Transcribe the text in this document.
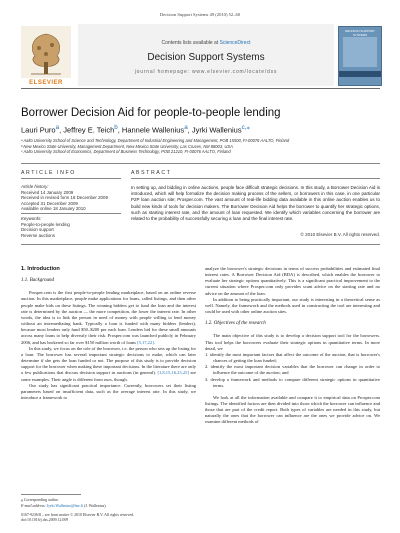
Decision Support Systems 49 (2010) 52–60
ELSEVIER
Contents lists available at ScienceDirect
Decision Support Systems
journal homepage: www.elsevier.com/locate/dss
DECISION SUPPORT SYSTEMS
Borrower Decision Aid for people-to-people lending
Lauri Puro$^a$, Jeffrey E. Teich$^b$, Hannele Wallenius$^a$, Jyrki Wallenius$^{c,⁎}$
ᵃ Aalto University School of Science and Technology, Department of Industrial Engineering and Management, POB 15500, FI-00076 AALTO, Finland
ᵇ New Mexico State University, Management Department, New Mexico State University, Las Cruces, NM 88003, USA
ᶜ Aalto University School of Economics, Department of Business Technology, POB 21210, FI-00076 AALTO, Finland
ARTICLE INFO	ABSTRACT
Article history:
Received 14 January 2009
Received in revised form 18 December 2009
Accepted 31 December 2009
Available online 18 January 2010
Keywords:
People-to-people lending
Decision support
Reverse auctions
In setting up, and bidding in online auctions, people face difficult strategic decisions. In this study, a Borrower Decision Aid is introduced, which will help formalize the decision making process of the sellers, or borrowers in this case, in one particular P2P loan auction site; Prosper.com. The vast amount of real-life bidding data available in this online auction enables us to build new kinds of tools for decision makers. The Borrower Decision Aid helps the borrower to quantify her strategic options, such as starting interest rate, and the amount of loan requested. We identify which variables concerning the borrower are related to the probability of successfully securing a loan and the final interest rate.
© 2010 Elsevier B.V. All rights reserved.
1. Introduction
1.1. Background

Prosper.com is the first people-to-people lending marketplace, based on an online reverse auction. In this marketplace, people make applications for loans, called listings, and then other people make bids on these listings. The winning bidders get to fund the loan and the interest rate is determined by the auction — the more competition, the lower the interest rate. In other words, the idea is to link the person in need of money with people willing to lend money without an intermediating bank. Typically a loan is funded with many bidders (lenders), because most lenders only fund $50–$200 per each loan. Lenders bid for these small amounts across many loans to help diversify their risk. Prosper.com was launched publicly in February 2006, and has brokered so far over $150 million worth of loans [5,17,22].

In this study, we focus on the role of the borrower, i.e. the person who sets up the listing for a loan. The borrower has several important strategic decisions to make, which can later determine if she gets the loan funded or not. The purpose of this study is to provide decision support for the borrower when making these important decisions. In the literature there are only a few publications that discuss decision support in auctions (in general). [1,8,15,16,23,25] are some examples. Their angle is different from ours, though.

Our study has significant practical importance. Currently, borrowers set their listing parameters based on insufficient data, such as the average interest rate. In this study, we introduce a framework to

analyze the borrower's strategic decisions in terms of success probabilities and estimated final interest rates. A Borrower Decision Aid (BDA) is described, which enables the borrower to evaluate her strategic options quantitatively. This is a significant practical improvement to the current situation where Prosper.com only provides scant advice on the starting rate and no advice on the amount of the loan.

In addition to being practically important, our study is interesting in a theoretical sense as well. Namely, the framework and the methods used in constructing the tool are interesting and could be used with other online auction sites.

1.2. Objectives of the research

The main objective of this study is to develop a decision support tool for the borrowers. This tool helps the borrowers evaluate their strategic options in quantitative terms. In more detail, we

1. identify the most important factors that affect the outcome of the auction, that is borrower's chances of getting the loan funded;
2. identify the most important decision variables that the borrower can change in order to influence the outcome of the auction; and
3. develop a framework and methods to compare different strategic options in quantitative terms.

We look at all the information available and compare it to empirical data on Prosper.com listings. The identified factors are then divided into those which the borrower can influence and those that are part of the credit report. Both types of variables are needed in this study, but naturally the ones that the borrower can influence are the ones we provide advice on. We examine different methods of

⁎ Corresponding author.
E-mail address: Jyrki.Wallenius@hse.fi (J. Wallenius).
0167-9236/$ – see front matter © 2010 Elsevier B.V. All rights reserved.
doi:10.1016/j.dss.2009.12.009
